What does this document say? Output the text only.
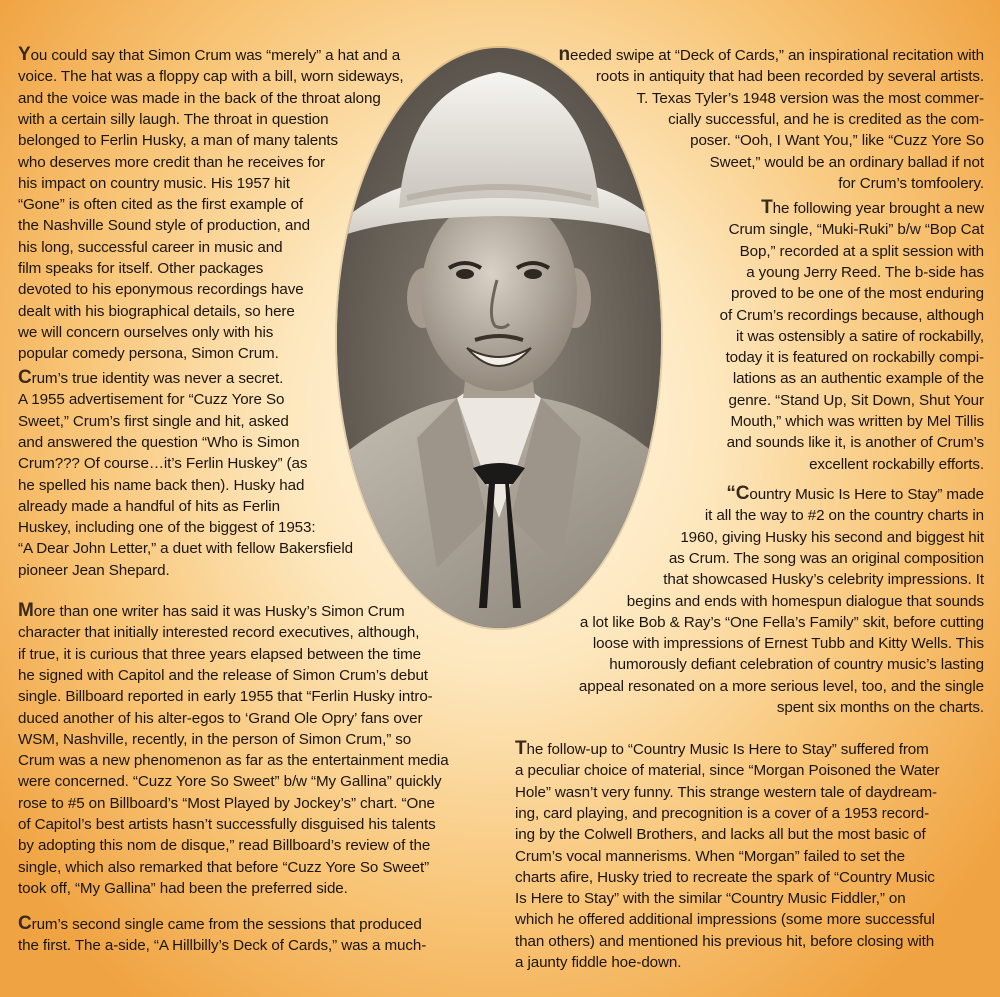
You could say that Simon Crum was “merely” a hat and a
voice. The hat was a floppy cap with a bill, worn sideways,
and the voice was made in the back of the throat along
with a certain silly laugh. The throat in question
belonged to Ferlin Husky, a man of many talents
who deserves more credit than he receives for
his impact on country music. His 1957 hit
“Gone” is often cited as the first example of
the Nashville Sound style of production, and
his long, successful career in music and
film speaks for itself. Other packages
devoted to his eponymous recordings have
dealt with his biographical details, so here
we will concern ourselves only with his
popular comedy persona, Simon Crum.
Crum’s true identity was never a secret.
A 1955 advertisement for “Cuzz Yore So
Sweet,” Crum’s first single and hit, asked
and answered the question “Who is Simon
Crum??? Of course…it’s Ferlin Huskey” (as
he spelled his name back then). Husky had
already made a handful of hits as Ferlin
Huskey, including one of the biggest of 1953:
“A Dear John Letter,” a duet with fellow Bakersfield
pioneer Jean Shepard.
More than one writer has said it was Husky’s Simon Crum
character that initially interested record executives, although,
if true, it is curious that three years elapsed between the time
he signed with Capitol and the release of Simon Crum’s debut
single. Billboard reported in early 1955 that “Ferlin Husky intro-
duced another of his alter-egos to ‘Grand Ole Opry’ fans over
WSM, Nashville, recently, in the person of Simon Crum,” so
Crum was a new phenomenon as far as the entertainment media
were concerned. “Cuzz Yore So Sweet” b/w “My Gallina” quickly
rose to #5 on Billboard’s “Most Played by Jockey’s” chart. “One
of Capitol’s best artists hasn’t successfully disguised his talents
by adopting this nom de disque,” read Billboard’s review of the
single, which also remarked that before “Cuzz Yore So Sweet”
took off, “My Gallina” had been the preferred side.
Crum’s second single came from the sessions that produced
the first. The a-side, “A Hillbilly’s Deck of Cards,” was a much-
needed swipe at “Deck of Cards,” an inspirational recitation with
roots in antiquity that had been recorded by several artists.
T. Texas Tyler’s 1948 version was the most commer-
cially successful, and he is credited as the com-
poser. “Ooh, I Want You,” like “Cuzz Yore So
Sweet,” would be an ordinary ballad if not
for Crum’s tomfoolery.
The following year brought a new
Crum single, “Muki-Ruki” b/w “Bop Cat
Bop,” recorded at a split session with
a young Jerry Reed. The b-side has
proved to be one of the most enduring
of Crum’s recordings because, although
it was ostensibly a satire of rockabilly,
today it is featured on rockabilly compi-
lations as an authentic example of the
genre. “Stand Up, Sit Down, Shut Your
Mouth,” which was written by Mel Tillis
and sounds like it, is another of Crum’s
excellent rockabilly efforts.
“Country Music Is Here to Stay” made
it all the way to #2 on the country charts in
1960, giving Husky his second and biggest hit
as Crum. The song was an original composition
that showcased Husky’s celebrity impressions. It
begins and ends with homespun dialogue that sounds
a lot like Bob & Ray’s “One Fella’s Family” skit, before cutting
loose with impressions of Ernest Tubb and Kitty Wells. This
humorously defiant celebration of country music’s lasting
appeal resonated on a more serious level, too, and the single
spent six months on the charts.
The follow-up to “Country Music Is Here to Stay” suffered from
a peculiar choice of material, since “Morgan Poisoned the Water
Hole” wasn’t very funny. This strange western tale of daydream-
ing, card playing, and precognition is a cover of a 1953 record-
ing by the Colwell Brothers, and lacks all but the most basic of
Crum’s vocal mannerisms. When “Morgan” failed to set the
charts afire, Husky tried to recreate the spark of “Country Music
Is Here to Stay” with the similar “Country Music Fiddler,” on
which he offered additional impressions (some more successful
than others) and mentioned his previous hit, before closing with
a jaunty fiddle hoe-down.
